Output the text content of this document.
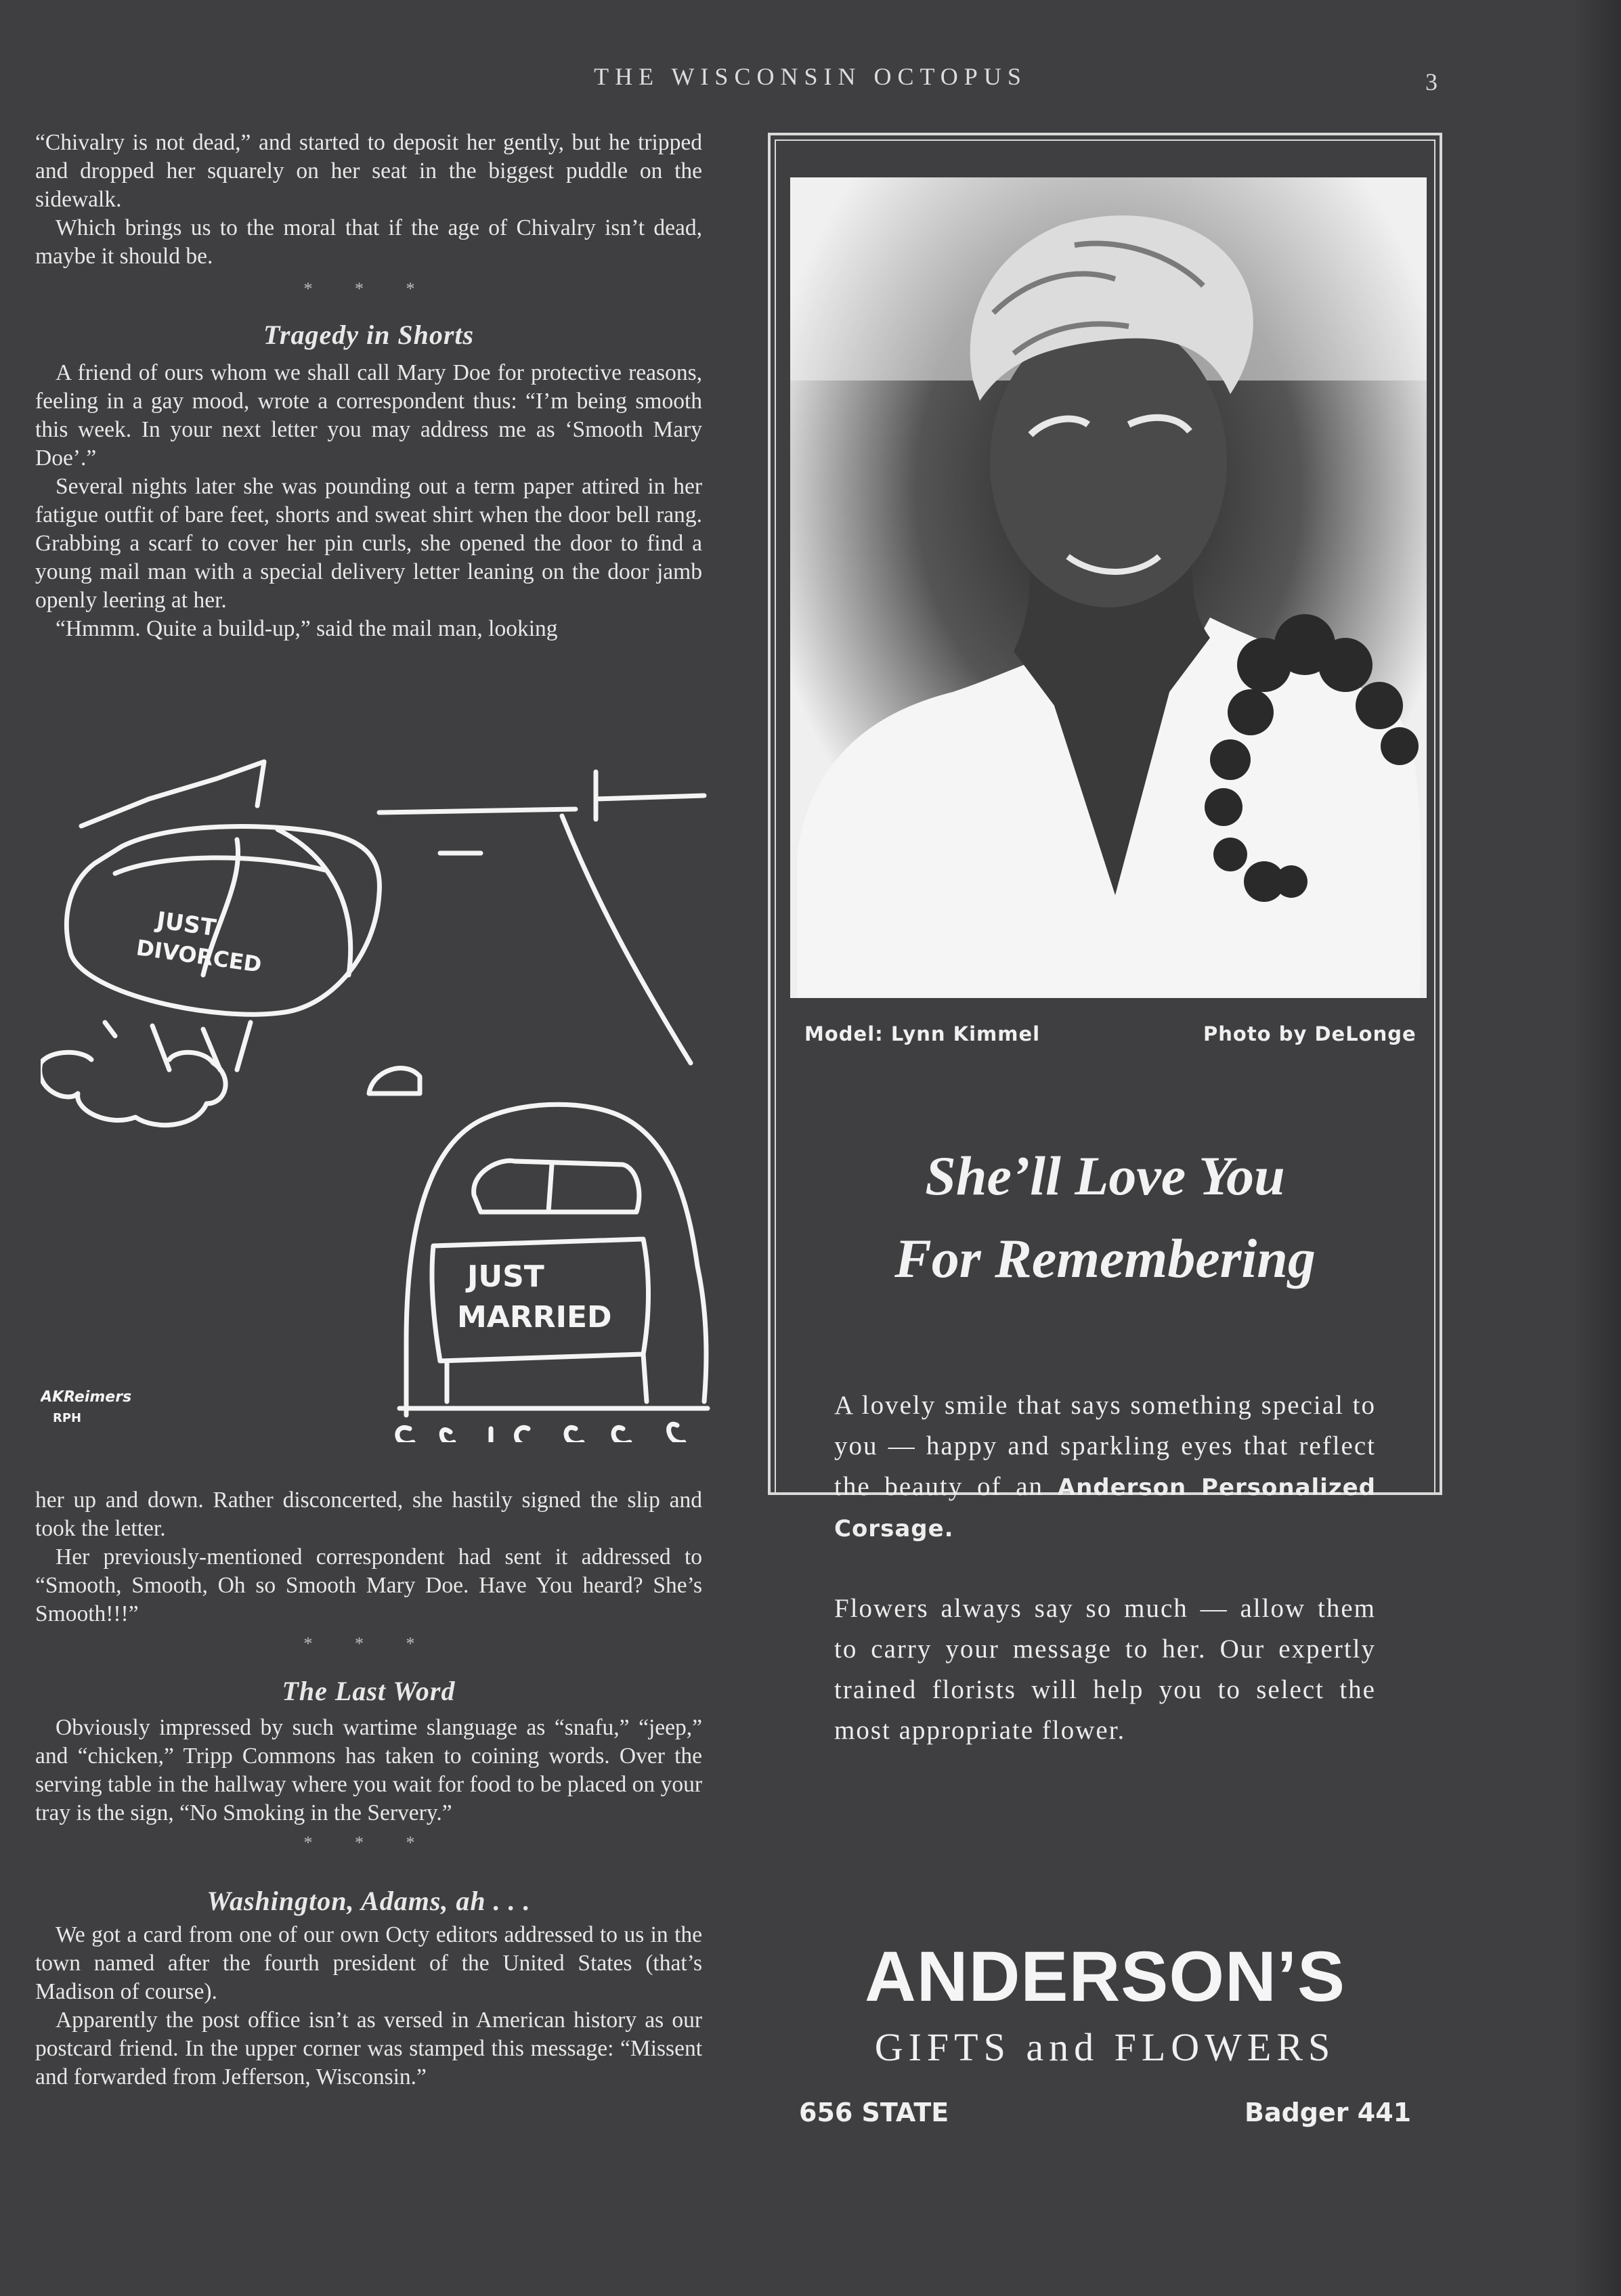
THE WISCONSIN OCTOPUS	3

“Chivalry is not dead,” and started to deposit her gently, but he tripped and dropped her squarely on her seat in the biggest puddle on the sidewalk.

Which brings us to the moral that if the age of Chivalry isn’t dead, maybe it should be.

* * *
Tragedy in Shorts

A friend of ours whom we shall call Mary Doe for protective reasons, feeling in a gay mood, wrote a correspondent thus: “I’m being smooth this week. In your next letter you may address me as ‘Smooth Mary Doe’.”

Several nights later she was pounding out a term paper attired in her fatigue outfit of bare feet, shorts and sweat shirt when the door bell rang. Grabbing a scarf to cover her pin curls, she opened the door to find a young mail man with a special delivery letter leaning on the door jamb openly leering at her.

“Hmmm. Quite a build-up,” said the mail man, looking

JUST
DIVORCED
JUST
MARRIED
AKReimers
RPH

her up and down. Rather disconcerted, she hastily signed the slip and took the letter.

Her previously-mentioned correspondent had sent it addressed to “Smooth, Smooth, Oh so Smooth Mary Doe. Have You heard? She’s Smooth!!!”

* * *
The Last Word

Obviously impressed by such wartime slanguage as “snafu,” “jeep,” and “chicken,” Tripp Commons has taken to coining words. Over the serving table in the hallway where you wait for food to be placed on your tray is the sign, “No Smoking in the Servery.”

* * *
Washington, Adams, ah . . .

We got a card from one of our own Octy editors addressed to us in the town named after the fourth president of the United States (that’s Madison of course).

Apparently the post office isn’t as versed in American history as our postcard friend. In the upper corner was stamped this message: “Missent and forwarded from Jefferson, Wisconsin.”

Model: Lynn Kimmel	Photo by DeLonge
She’ll Love You
For Remembering
A lovely smile that says something special to you — happy and sparkling eyes that reflect the beauty of an Anderson Personalized Corsage.
Flowers always say so much — allow them to carry your message to her. Our expertly trained florists will help you to select the most appropriate flower.
ANDERSON’S
GIFTS and FLOWERS
656 STATE	Badger 441
